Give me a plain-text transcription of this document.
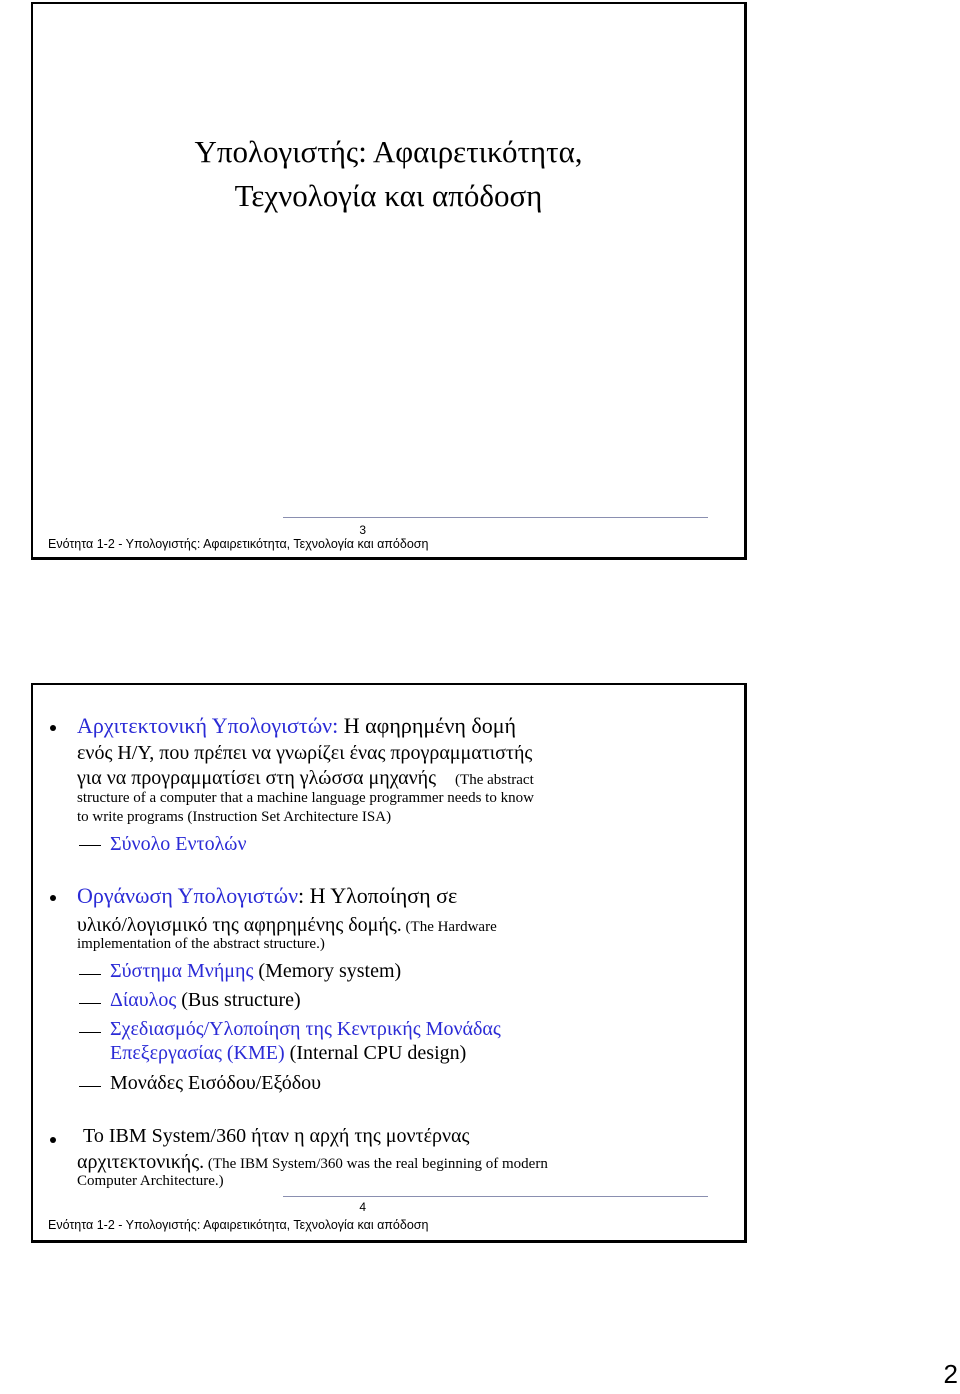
Υπολογιστής: Αφαιρετικότητα,
Τεχνολογία και απόδοση
3
Ενότητα 1-2 - Υπολογιστής: Αφαιρετικότητα, Τεχνολογία και απόδοση
Αρχιτεκτονική Υπολογιστών: Η αφηρημένη δομή
ενός Η/Υ, που πρέπει να γνωρίζει ένας προγραμματιστής
για να προγραμματίσει στη γλώσσα μηχανής (The abstract
structure of a computer that a machine language programmer needs to know
to write programs (Instruction Set Architecture ISA)
Σύνολο Εντολών
Οργάνωση Υπολογιστών: Η Υλοποίηση σε
υλικό/λογισμικό της αφηρημένης δομής. (The Hardware
implementation of the abstract structure.)
Σύστημα Μνήμης (Memory system)
Δίαυλος (Bus structure)
Σχεδιασμός/Υλοποίηση της Κεντρικής Μονάδας
Επεξεργασίας (ΚΜΕ) (Internal CPU design)
Μονάδες Εισόδου/Εξόδου
Το IBM System/360 ήταν η αρχή της μοντέρνας
αρχιτεκτονικής. (The IBM System/360 was the real beginning of modern
Computer Architecture.)
4
Ενότητα 1-2 - Υπολογιστής: Αφαιρετικότητα, Τεχνολογία και απόδοση
2
